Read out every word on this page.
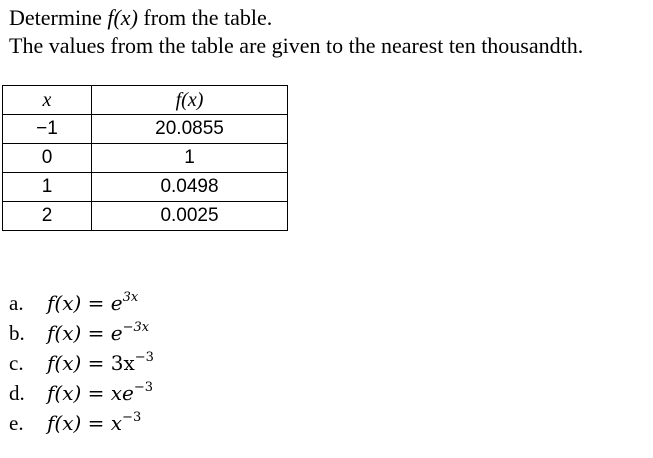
Determine f(x) from the table.
The values from the table are given to the nearest ten thousandth.
x	f(x)
−1	20.0855
0	1
1	0.0498
2	0.0025
a.	$f(x) = e^{3x}$
b.	$f(x) = e^{-3x}$
c.	$f(x) = 3x^{-3}$
d.	$f(x) = xe^{-3}$
e.	$f(x) = x^{-3}$
